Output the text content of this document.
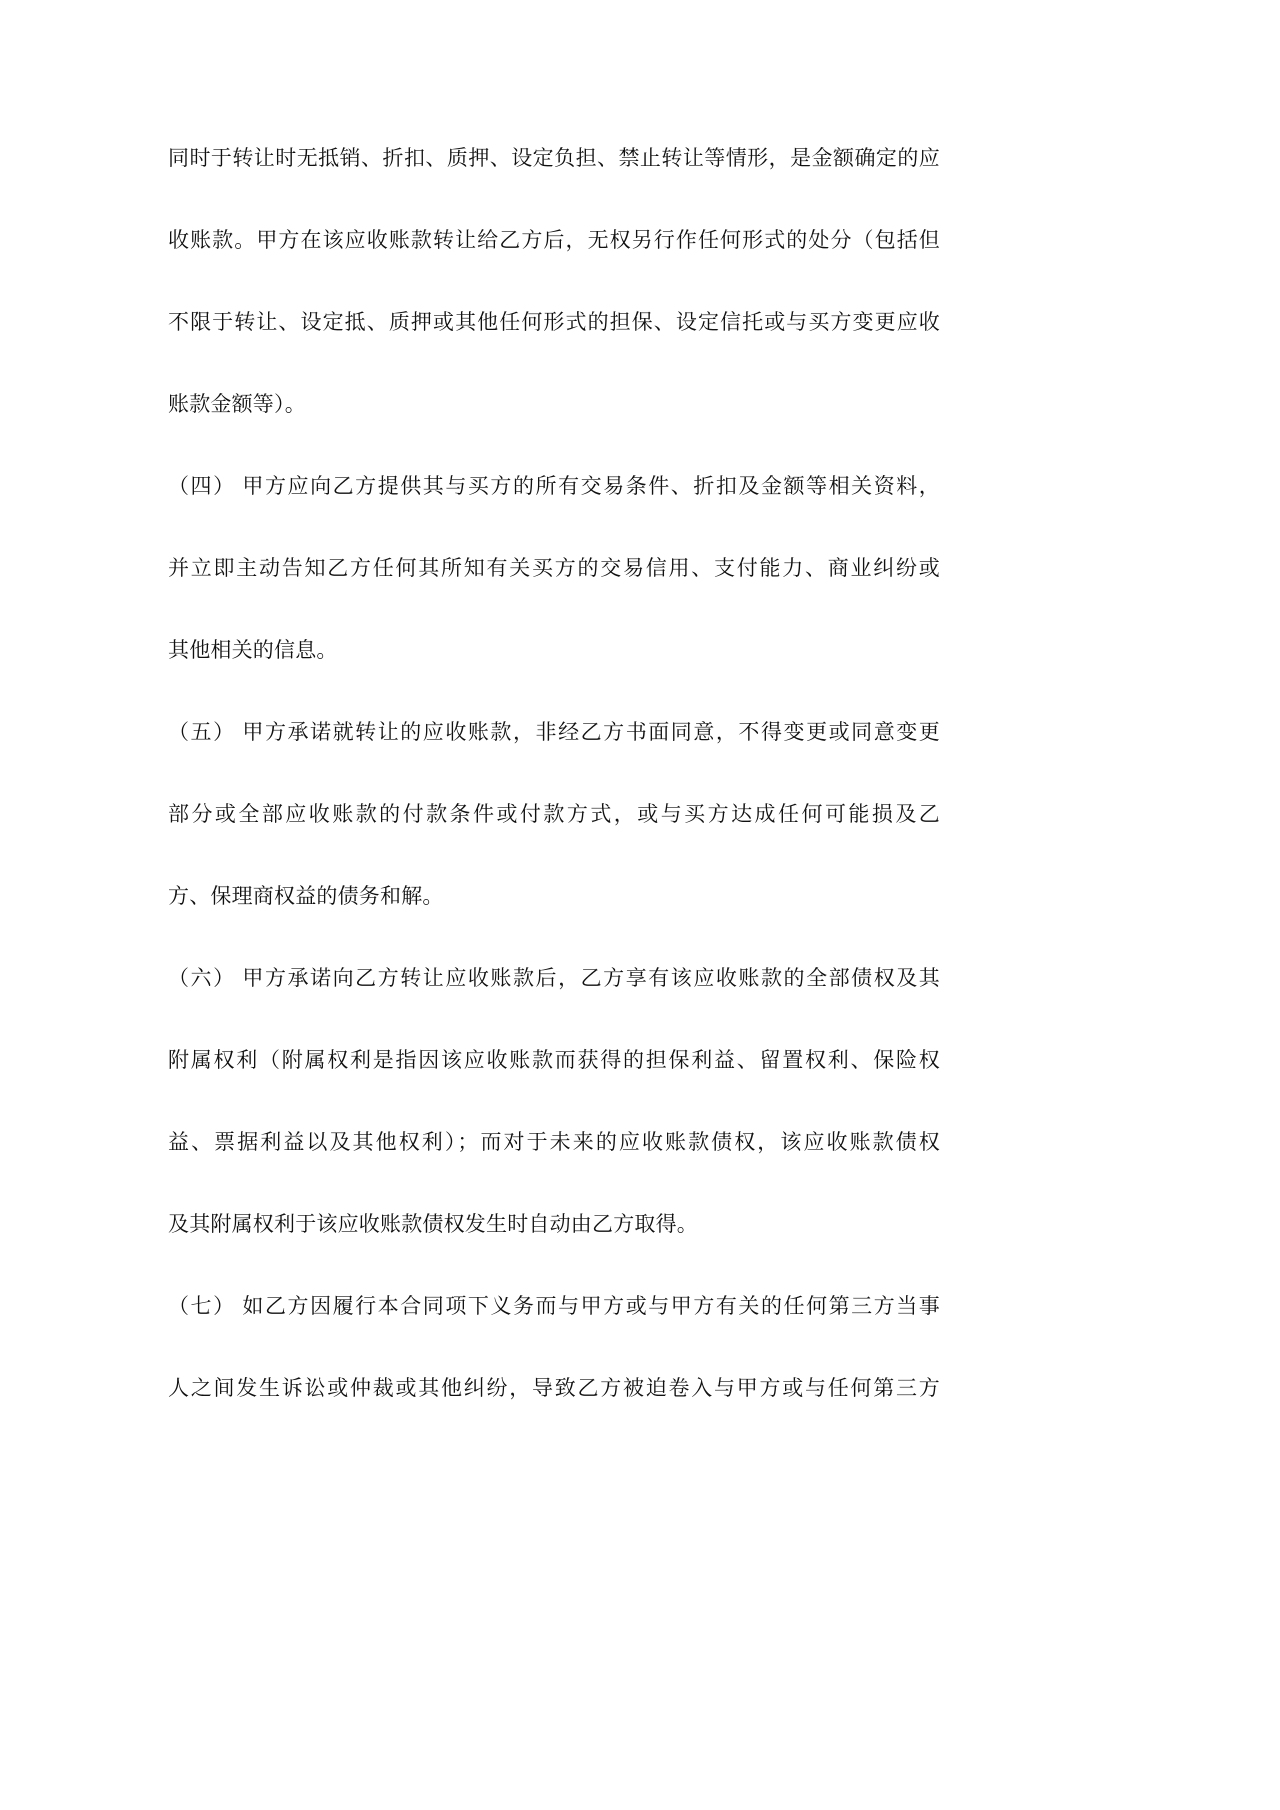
同时于转让时无抵销、折扣、质押、设定负担、禁止转让等情形，是金额确定的应
收账款。甲方在该应收账款转让给乙方后，无权另行作任何形式的处分（包括但
不限于转让、设定抵、质押或其他任何形式的担保、设定信托或与买方变更应收
账款金额等）。
（四） 甲方应向乙方提供其与买方的所有交易条件、折扣及金额等相关资料，
并立即主动告知乙方任何其所知有关买方的交易信用、支付能力、商业纠纷或
其他相关的信息。
（五） 甲方承诺就转让的应收账款，非经乙方书面同意，不得变更或同意变更
部分或全部应收账款的付款条件或付款方式，或与买方达成任何可能损及乙
方、保理商权益的债务和解。
（六） 甲方承诺向乙方转让应收账款后，乙方享有该应收账款的全部债权及其
附属权利（附属权利是指因该应收账款而获得的担保利益、留置权利、保险权
益、票据利益以及其他权利）；而对于未来的应收账款债权，该应收账款债权
及其附属权利于该应收账款债权发生时自动由乙方取得。
（七） 如乙方因履行本合同项下义务而与甲方或与甲方有关的任何第三方当事
人之间发生诉讼或仲裁或其他纠纷，导致乙方被迫卷入与甲方或与任何第三方
